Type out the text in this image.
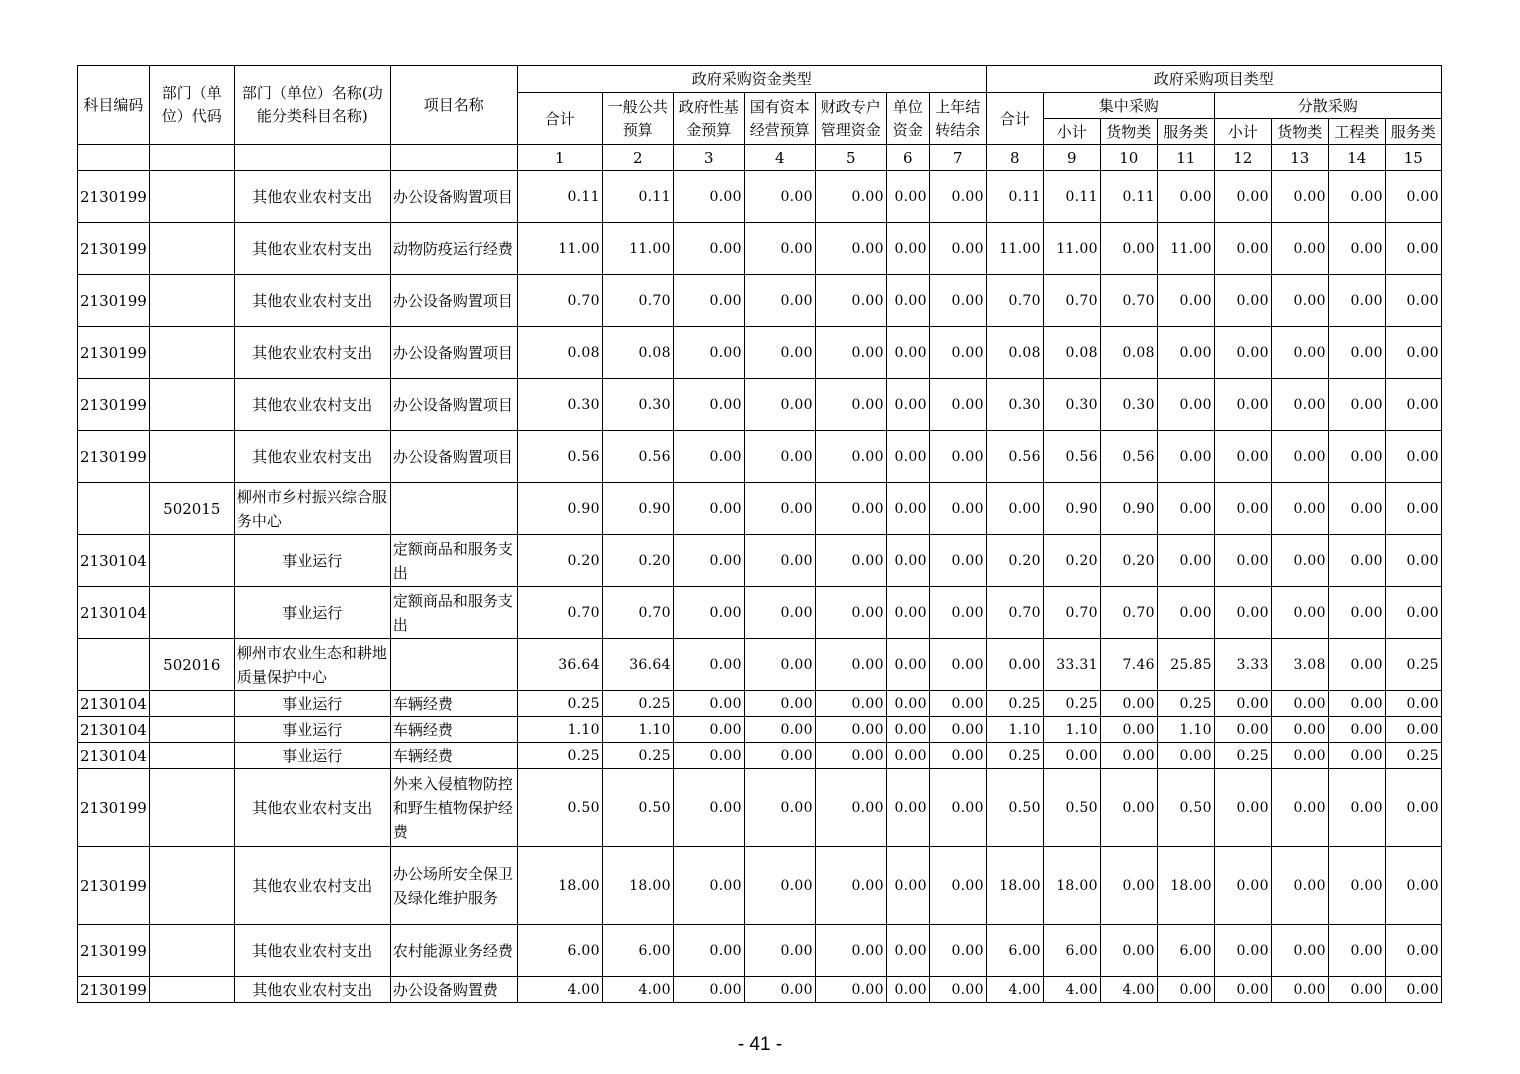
科目编码	部门（单位）代码	部门（单位）名称(功能分类科目名称)	项目名称	政府采购资金类型							政府采购项目类型							
				合计	一般公共预算	政府性基金预算	国有资本经营预算	财政专户管理资金	单位资金	上年结转结余	合计	集中采购			分散采购			
												小计	货物类	服务类	小计	货物类	工程类	服务类
				1	2	3	4	5	6	7	8	9	10	11	12	13	14	15
2130199		其他农业农村支出	办公设备购置项目	0.11	0.11	0.00	0.00	0.00	0.00	0.00	0.11	0.11	0.11	0.00	0.00	0.00	0.00	0.00
2130199		其他农业农村支出	动物防疫运行经费	11.00	11.00	0.00	0.00	0.00	0.00	0.00	11.00	11.00	0.00	11.00	0.00	0.00	0.00	0.00
2130199		其他农业农村支出	办公设备购置项目	0.70	0.70	0.00	0.00	0.00	0.00	0.00	0.70	0.70	0.70	0.00	0.00	0.00	0.00	0.00
2130199		其他农业农村支出	办公设备购置项目	0.08	0.08	0.00	0.00	0.00	0.00	0.00	0.08	0.08	0.08	0.00	0.00	0.00	0.00	0.00
2130199		其他农业农村支出	办公设备购置项目	0.30	0.30	0.00	0.00	0.00	0.00	0.00	0.30	0.30	0.30	0.00	0.00	0.00	0.00	0.00
2130199		其他农业农村支出	办公设备购置项目	0.56	0.56	0.00	0.00	0.00	0.00	0.00	0.56	0.56	0.56	0.00	0.00	0.00	0.00	0.00
	502015	柳州市乡村振兴综合服务中心		0.90	0.90	0.00	0.00	0.00	0.00	0.00	0.00	0.90	0.90	0.00	0.00	0.00	0.00	0.00
2130104		事业运行	定额商品和服务支出	0.20	0.20	0.00	0.00	0.00	0.00	0.00	0.20	0.20	0.20	0.00	0.00	0.00	0.00	0.00
2130104		事业运行	定额商品和服务支出	0.70	0.70	0.00	0.00	0.00	0.00	0.00	0.70	0.70	0.70	0.00	0.00	0.00	0.00	0.00
	502016	柳州市农业生态和耕地质量保护中心		36.64	36.64	0.00	0.00	0.00	0.00	0.00	0.00	33.31	7.46	25.85	3.33	3.08	0.00	0.25
2130104		事业运行	车辆经费	0.25	0.25	0.00	0.00	0.00	0.00	0.00	0.25	0.25	0.00	0.25	0.00	0.00	0.00	0.00
2130104		事业运行	车辆经费	1.10	1.10	0.00	0.00	0.00	0.00	0.00	1.10	1.10	0.00	1.10	0.00	0.00	0.00	0.00
2130104		事业运行	车辆经费	0.25	0.25	0.00	0.00	0.00	0.00	0.00	0.25	0.00	0.00	0.00	0.25	0.00	0.00	0.25
2130199		其他农业农村支出	外来入侵植物防控和野生植物保护经费	0.50	0.50	0.00	0.00	0.00	0.00	0.00	0.50	0.50	0.00	0.50	0.00	0.00	0.00	0.00
2130199		其他农业农村支出	办公场所安全保卫及绿化维护服务	18.00	18.00	0.00	0.00	0.00	0.00	0.00	18.00	18.00	0.00	18.00	0.00	0.00	0.00	0.00
2130199		其他农业农村支出	农村能源业务经费	6.00	6.00	0.00	0.00	0.00	0.00	0.00	6.00	6.00	0.00	6.00	0.00	0.00	0.00	0.00
2130199		其他农业农村支出	办公设备购置费	4.00	4.00	0.00	0.00	0.00	0.00	0.00	4.00	4.00	4.00	0.00	0.00	0.00	0.00	0.00
- 41 -
